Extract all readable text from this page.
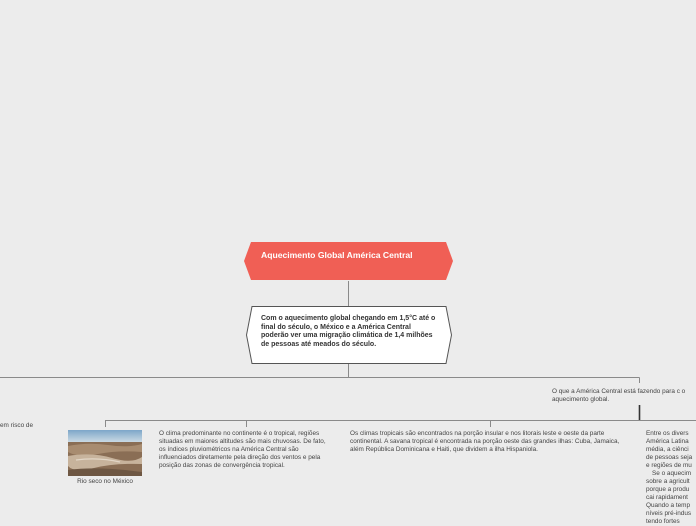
Aquecimento Global América Central
Com o aquecimento global chegando em 1,5°C até o final do século, o México e a América Central poderão ver uma migração climática de 1,4 milhões de pessoas até meados do século.
em risco de
O que a América Central está fazendo para c o aquecimento global.
Rio seco no México
O clima predominante no continente é o tropical, regiões situadas em maiores altitudes são mais chuvosas. De fato, os índices pluviométricos na América Central são influenciados diretamente pela direção dos ventos e pela posição das zonas de convergência tropical.
Os climas tropicais são encontrados na porção insular e nos litorais leste e oeste da parte continental. A savana tropical é encontrada na porção oeste das grandes ilhas: Cuba, Jamaica, além República Dominicana e Haiti, que dividem a ilha Hispaniola.
Entre os divers
América Latina
média, a ciênci
de pessoas seja
e regiões de mu
Se o aquecim
sobre a agricult
porque a produ
cai rapidament
Quando a temp
níveis pré-indus
tendo fortes
